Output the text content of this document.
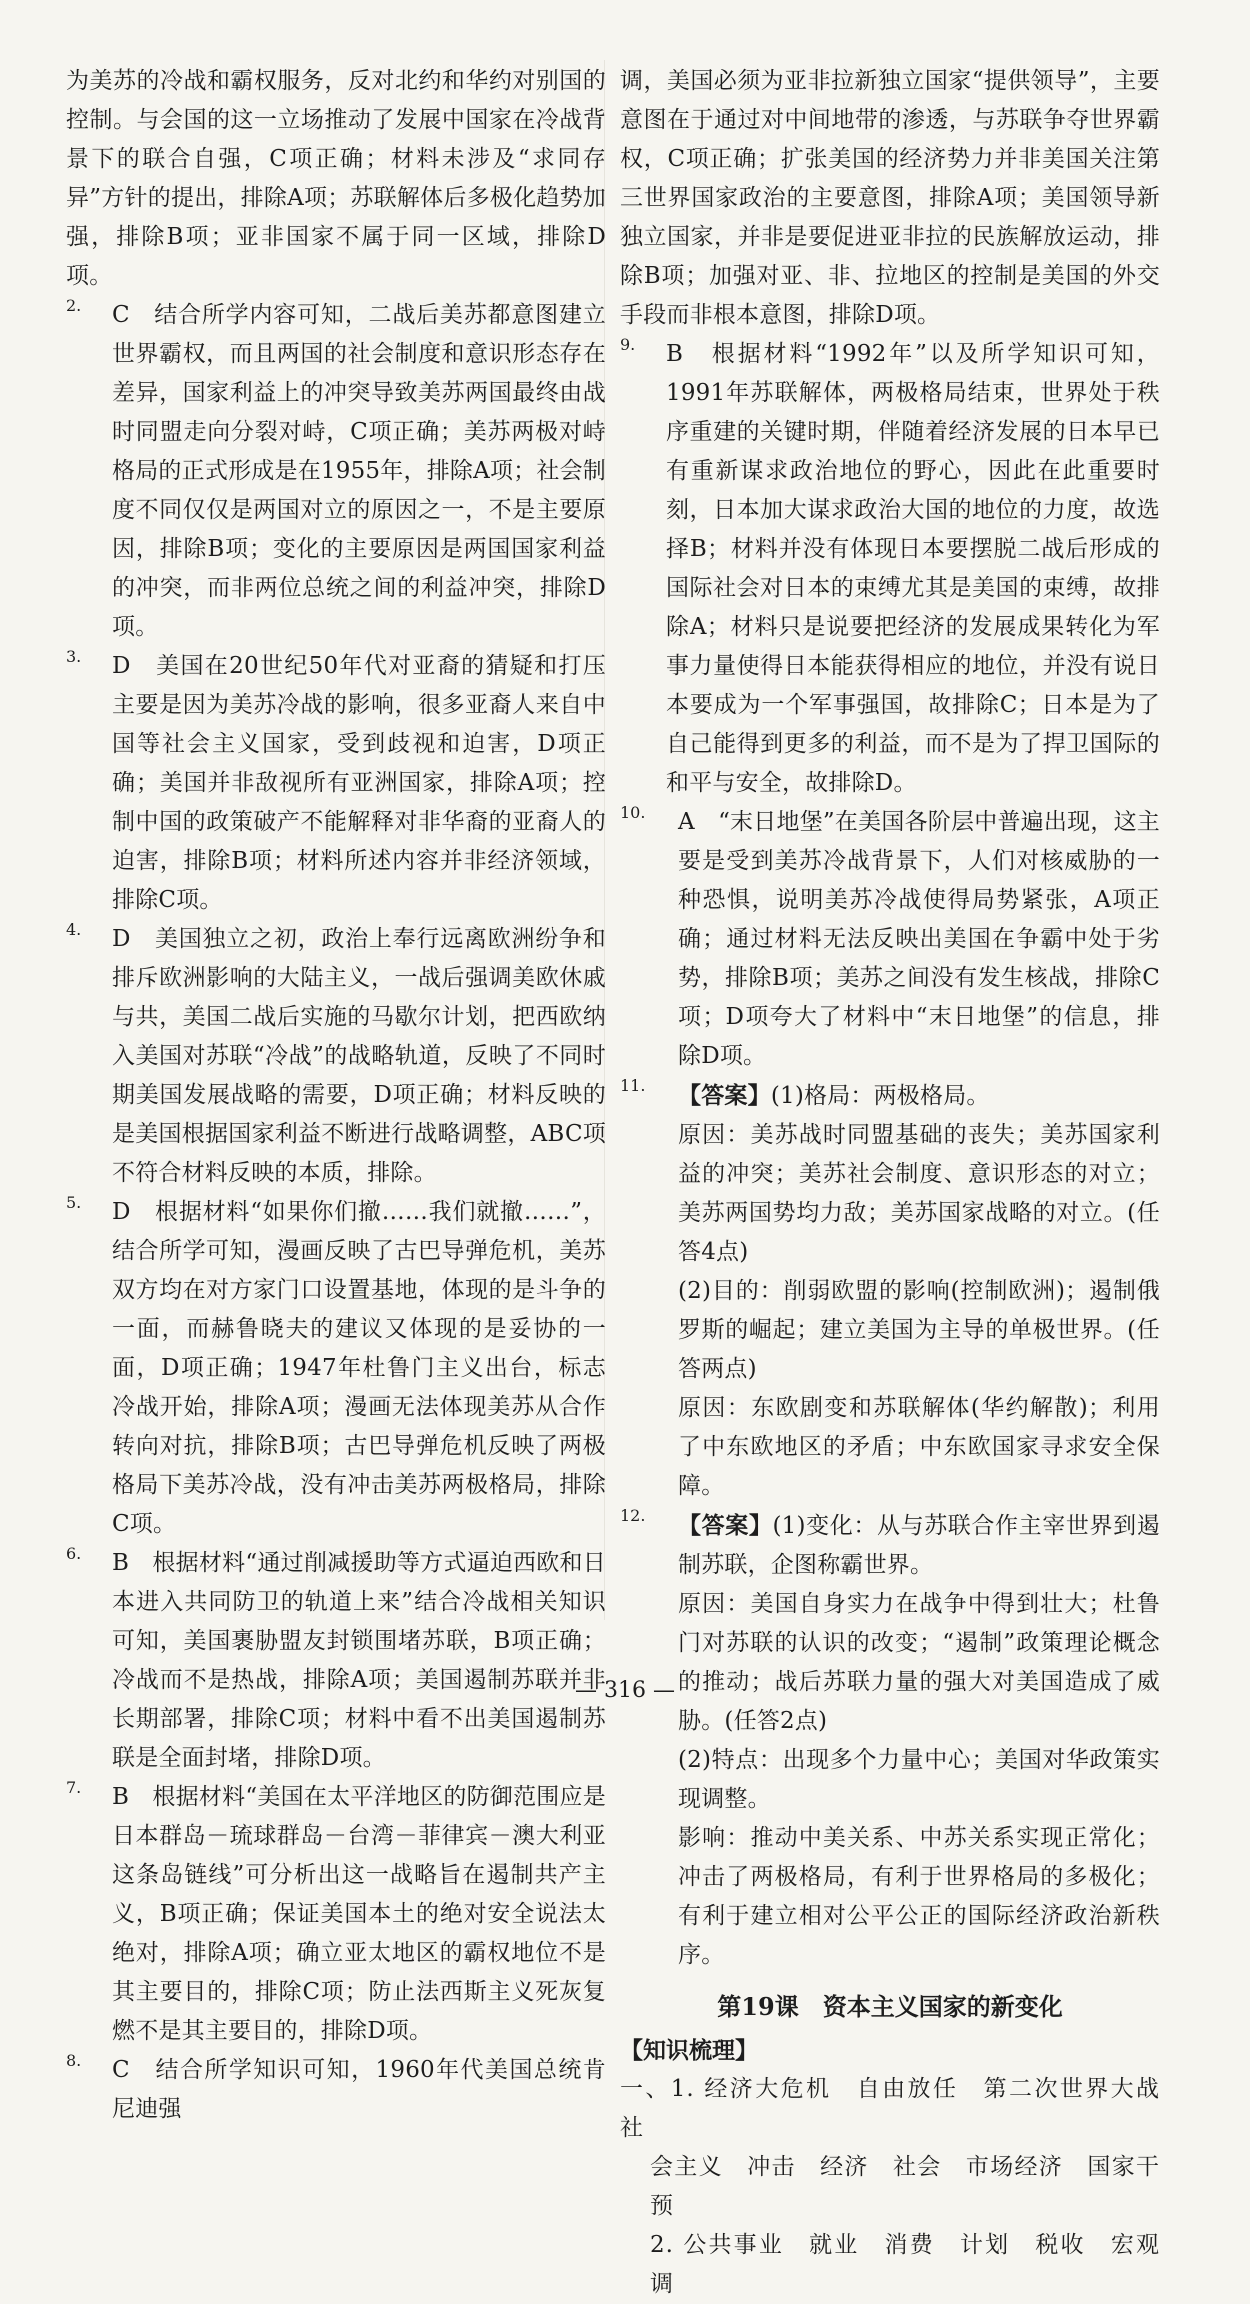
为美苏的冷战和霸权服务，反对北约和华约对别国的控制。与会国的这一立场推动了发展中国家在冷战背景下的联合自强，C项正确；材料未涉及“求同存异”方针的提出，排除A项；苏联解体后多极化趋势加强，排除B项；亚非国家不属于同一区域，排除D项。

2.	C　 结合所学内容可知，二战后美苏都意图建立世界霸权，而且两国的社会制度和意识形态存在差异，国家利益上的冲突导致美苏两国最终由战时同盟走向分裂对峙，C项正确；美苏两极对峙格局的正式形成是在1955年，排除A项；社会制度不同仅仅是两国对立的原因之一，不是主要原因，排除B项；变化的主要原因是两国国家利益的冲突，而非两位总统之间的利益冲突，排除D项。
3.	D　 美国在20世纪50年代对亚裔的猜疑和打压主要是因为美苏冷战的影响，很多亚裔人来自中国等社会主义国家，受到歧视和迫害，D项正确；美国并非敌视所有亚洲国家，排除A项；控制中国的政策破产不能解释对非华裔的亚裔人的迫害，排除B项；材料所述内容并非经济领域，排除C项。
4.	D　 美国独立之初，政治上奉行远离欧洲纷争和排斥欧洲影响的大陆主义，一战后强调美欧休戚与共，美国二战后实施的马歇尔计划，把西欧纳入美国对苏联“冷战”的战略轨道，反映了不同时期美国发展战略的需要，D项正确；材料反映的是美国根据国家利益不断进行战略调整，ABC项不符合材料反映的本质，排除。
5.	D　 根据材料“如果你们撤……我们就撤……”，结合所学可知，漫画反映了古巴导弹危机，美苏双方均在对方家门口设置基地，体现的是斗争的一面，而赫鲁晓夫的建议又体现的是妥协的一面，D项正确；1947年杜鲁门主义出台，标志冷战开始，排除A项；漫画无法体现美苏从合作转向对抗，排除B项；古巴导弹危机反映了两极格局下美苏冷战，没有冲击美苏两极格局，排除C项。
6.	B　 根据材料“通过削减援助等方式逼迫西欧和日本进入共同防卫的轨道上来”结合冷战相关知识可知，美国裹胁盟友封锁围堵苏联，B项正确；冷战而不是热战，排除A项；美国遏制苏联并非长期部署，排除C项；材料中看不出美国遏制苏联是全面封堵，排除D项。
7.	B　 根据材料“美国在太平洋地区的防御范围应是日本群岛－琉球群岛－台湾－菲律宾－澳大利亚这条岛链线”可分析出这一战略旨在遏制共产主义，B项正确；保证美国本土的绝对安全说法太绝对，排除A项；确立亚太地区的霸权地位不是其主要目的，排除C项；防止法西斯主义死灰复燃不是其主要目的，排除D项。
8.	C　 结合所学知识可知，1960年代美国总统肯尼迪强

调，美国必须为亚非拉新独立国家“提供领导”，主要意图在于通过对中间地带的渗透，与苏联争夺世界霸权，C项正确；扩张美国的经济势力并非美国关注第三世界国家政治的主要意图，排除A项；美国领导新独立国家，并非是要促进亚非拉的民族解放运动，排除B项；加强对亚、非、拉地区的控制是美国的外交手段而非根本意图，排除D项。

9.	B　 根据材料“1992年”以及所学知识可知，1991年苏联解体，两极格局结束，世界处于秩序重建的关键时期，伴随着经济发展的日本早已有重新谋求政治地位的野心，因此在此重要时刻，日本加大谋求政治大国的地位的力度，故选择B；材料并没有体现日本要摆脱二战后形成的国际社会对日本的束缚尤其是美国的束缚，故排除A；材料只是说要把经济的发展成果转化为军事力量使得日本能获得相应的地位，并没有说日本要成为一个军事强国，故排除C；日本是为了自己能得到更多的利益，而不是为了捍卫国际的和平与安全，故排除D。
10.	A　 “末日地堡”在美国各阶层中普遍出现，这主要是受到美苏冷战背景下，人们对核威胁的一种恐惧，说明美苏冷战使得局势紧张，A项正确；通过材料无法反映出美国在争霸中处于劣势，排除B项；美苏之间没有发生核战，排除C项；D项夸大了材料中“末日地堡”的信息，排除D项。
11.	【答案】(1)格局：两极格局。

原因：美苏战时同盟基础的丧失；美苏国家利益的冲突；美苏社会制度、意识形态的对立；美苏两国势均力敌；美苏国家战略的对立。(任答4点)

(2)目的：削弱欧盟的影响(控制欧洲)；遏制俄罗斯的崛起；建立美国为主导的单极世界。(任答两点)

原因：东欧剧变和苏联解体(华约解散)；利用了中东欧地区的矛盾；中东欧国家寻求安全保障。

12.	【答案】(1)变化：从与苏联合作主宰世界到遏制苏联，企图称霸世界。

原因：美国自身实力在战争中得到壮大；杜鲁门对苏联的认识的改变；“遏制”政策理论概念的推动；战后苏联力量的强大对美国造成了威胁。(任答2点)

(2)特点：出现多个力量中心；美国对华政策实现调整。

影响：推动中美关系、中苏关系实现正常化；冲击了两极格局，有利于世界格局的多极化；有利于建立相对公平公正的国际经济政治新秩序。

第19课　资本主义国家的新变化
【知识梳理】

一、1. 经济大危机　自由放任　第二次世界大战　社

会主义　冲击　经济　社会　市场经济　国家干预

2. 公共事业　就业　消费　计划　税收　宏观调

— 316 —
